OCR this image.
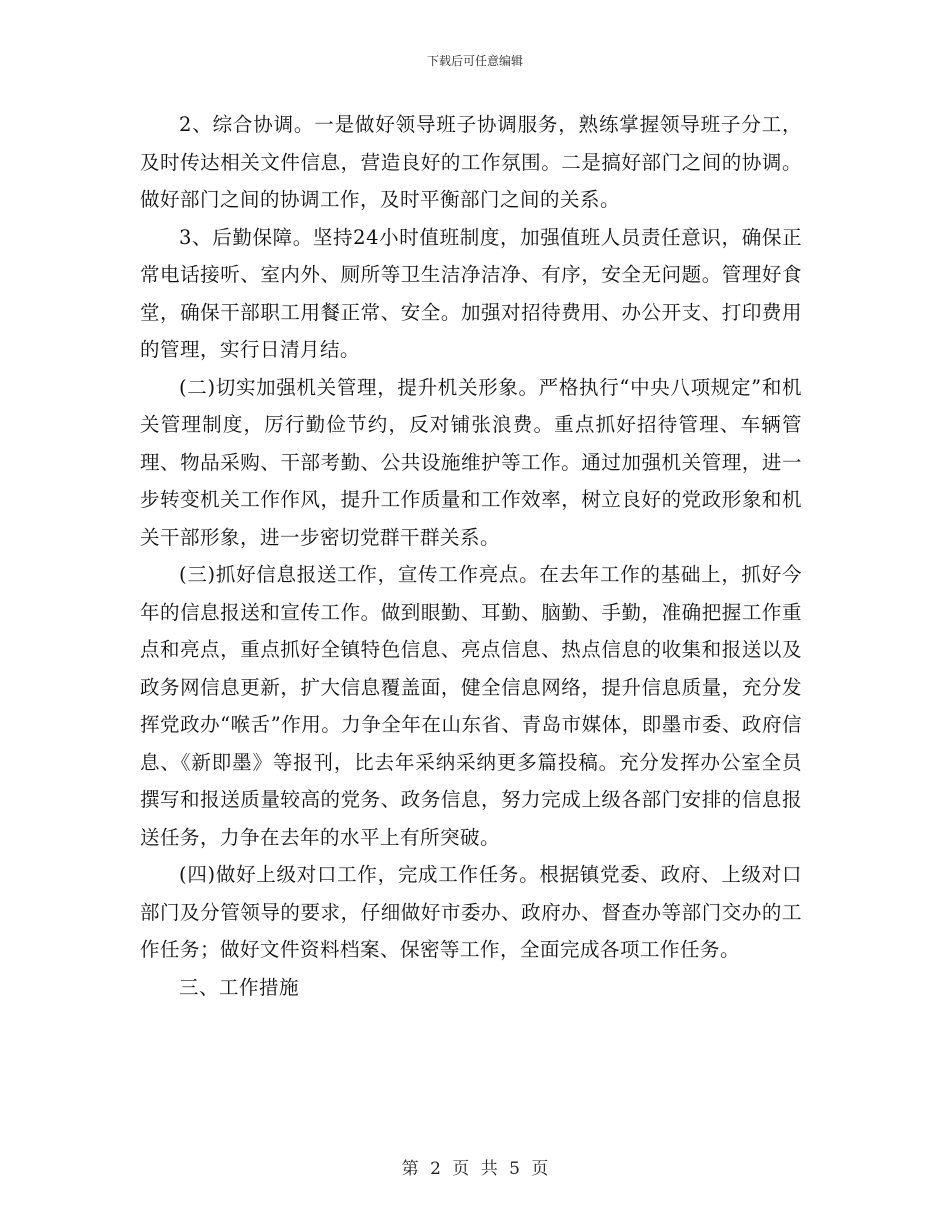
下载后可任意编辑

2、综合协调。一是做好领导班子协调服务，熟练掌握领导班子分工，及时传达相关文件信息，营造良好的工作氛围。二是搞好部门之间的协调。做好部门之间的协调工作，及时平衡部门之间的关系。

3、后勤保障。坚持24小时值班制度，加强值班人员责任意识，确保正常电话接听、室内外、厕所等卫生洁净洁净、有序，安全无问题。管理好食堂，确保干部职工用餐正常、安全。加强对招待费用、办公开支、打印费用的管理，实行日清月结。

(二)切实加强机关管理，提升机关形象。严格执行“中央八项规定”和机关管理制度，厉行勤俭节约，反对铺张浪费。重点抓好招待管理、车辆管理、物品采购、干部考勤、公共设施维护等工作。通过加强机关管理，进一步转变机关工作作风，提升工作质量和工作效率，树立良好的党政形象和机关干部形象，进一步密切党群干群关系。

(三)抓好信息报送工作，宣传工作亮点。在去年工作的基础上，抓好今年的信息报送和宣传工作。做到眼勤、耳勤、脑勤、手勤，准确把握工作重点和亮点，重点抓好全镇特色信息、亮点信息、热点信息的收集和报送以及政务网信息更新，扩大信息覆盖面，健全信息网络，提升信息质量，充分发挥党政办“喉舌”作用。力争全年在山东省、青岛市媒体，即墨市委、政府信息、《新即墨》等报刊，比去年采纳采纳更多篇投稿。充分发挥办公室全员撰写和报送质量较高的党务、政务信息，努力完成上级各部门安排的信息报送任务，力争在去年的水平上有所突破。

(四)做好上级对口工作，完成工作任务。根据镇党委、政府、上级对口部门及分管领导的要求，仔细做好市委办、政府办、督查办等部门交办的工作任务；做好文件资料档案、保密等工作，全面完成各项工作任务。

三、工作措施

第 2 页 共 5 页
